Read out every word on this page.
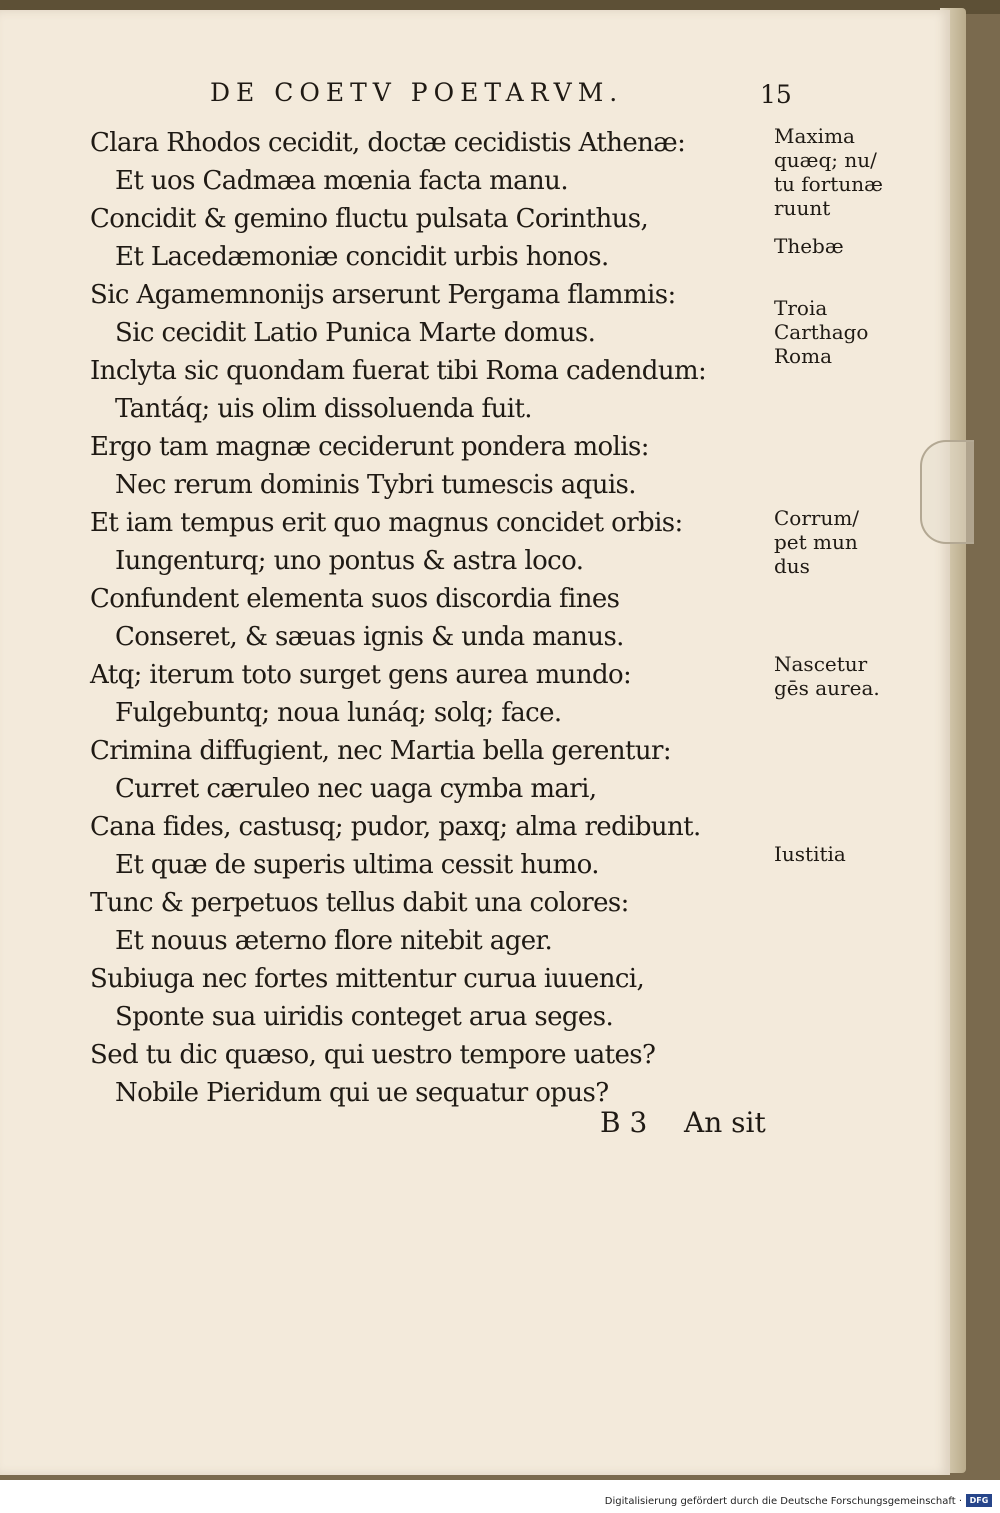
DE COETV POETARVM.	15
Clara Rhodos cecidit, doctæ cecidistis Athenæ:
Et uos Cadmæa mœnia facta manu.
Concidit & gemino fluctu pulsata Corinthus,
Et Lacedæmoniæ concidit urbis honos.
Sic Agamemnonijs arserunt Pergama flammis:
Sic cecidit Latio Punica Marte domus.
Inclyta sic quondam fuerat tibi Roma cadendum:
Tantáq; uis olim dissoluenda fuit.
Ergo tam magnæ ceciderunt pondera molis:
Nec rerum dominis Tybri tumescis aquis.
Et iam tempus erit quo magnus concidet orbis:
Iungenturq; uno pontus & astra loco.
Confundent elementa suos discordia fines
Conseret, & sæuas ignis & unda manus.
Atq; iterum toto surget gens aurea mundo:
Fulgebuntq; noua lunáq; solq; face.
Crimina diffugient, nec Martia bella gerentur:
Curret cæruleo nec uaga cymba mari,
Cana fides, castusq; pudor, paxq; alma redibunt.
Et quæ de superis ultima cessit humo.
Tunc & perpetuos tellus dabit una colores:
Et nouus æterno flore nitebit ager.
Subiuga nec fortes mittentur curua iuuenci,
Sponte sua uiridis conteget arua seges.
Sed tu dic quæso, qui uestro tempore uates?
Nobile Pieridum qui ue sequatur opus?
Maxima
quæq; nu/
tu fortunæ
ruunt
Thebæ
Troia
Carthago
Roma
Corrum/
pet mun
dus
Nascetur
gēs aurea.
Iustitia
B 3 An sit
Digitalisierung gefördert durch die Deutsche Forschungsgemeinschaft · DFG
